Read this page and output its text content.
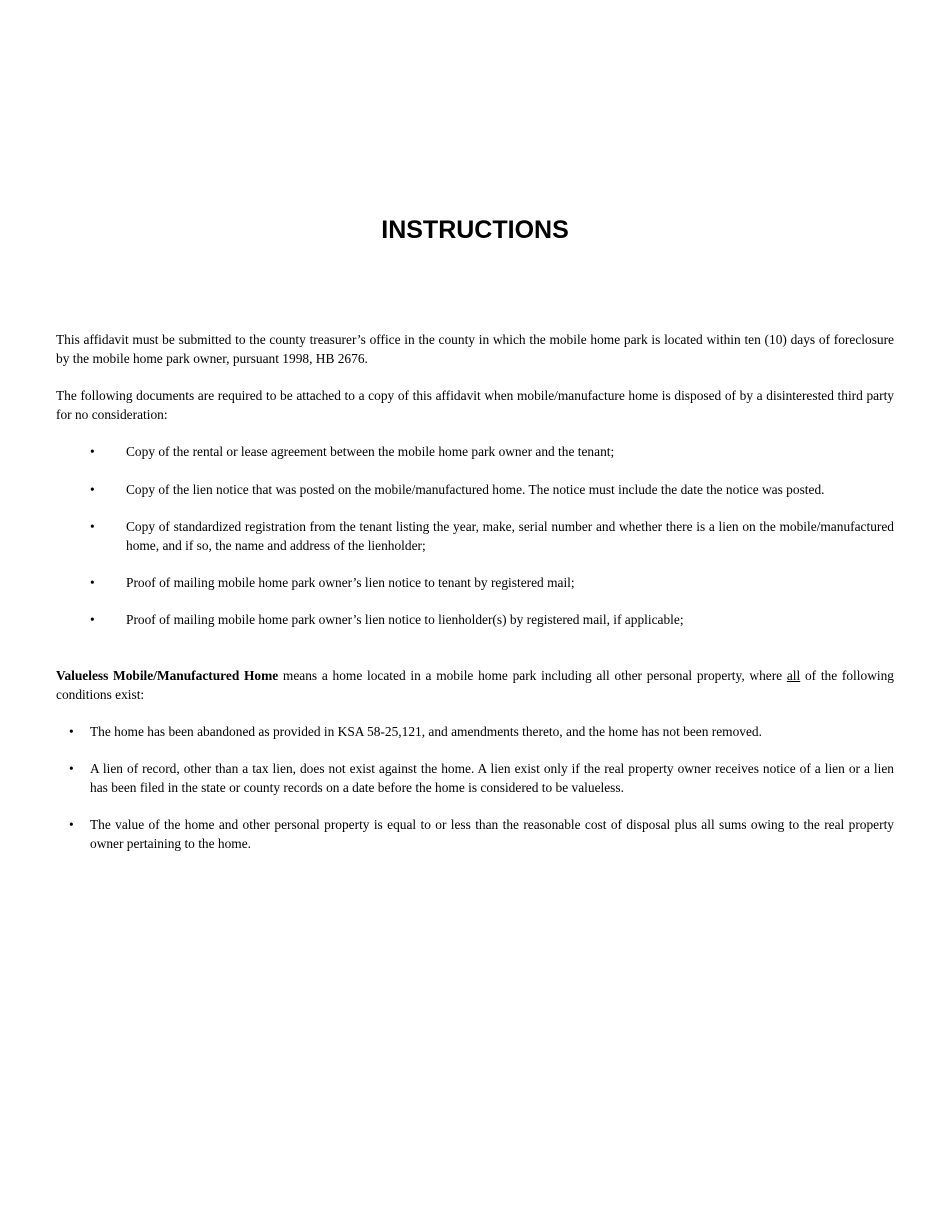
INSTRUCTIONS

This affidavit must be submitted to the county treasurer’s office in the county in which the mobile home park is located within ten (10) days of foreclosure by the mobile home park owner, pursuant 1998, HB 2676.

The following documents are required to be attached to a copy of this affidavit when mobile/manufacture home is disposed of by a disinterested third party for no consideration:

•	Copy of the rental or lease agreement between the mobile home park owner and the tenant;
•	Copy of the lien notice that was posted on the mobile/manufactured home. The notice must include the date the notice was posted.
•	Copy of standardized registration from the tenant listing the year, make, serial number and whether there is a lien on the mobile/manufactured home, and if so, the name and address of the lienholder;
•	Proof of mailing mobile home park owner’s lien notice to tenant by registered mail;
•	Proof of mailing mobile home park owner’s lien notice to lienholder(s) by registered mail, if applicable;

Valueless Mobile/Manufactured Home means a home located in a mobile home park including all other personal property, where all of the following conditions exist:

•	The home has been abandoned as provided in KSA 58-25,121, and amendments thereto, and the home has not been removed.
•	A lien of record, other than a tax lien, does not exist against the home. A lien exist only if the real property owner receives notice of a lien or a lien has been filed in the state or county records on a date before the home is considered to be valueless.
•	The value of the home and other personal property is equal to or less than the reasonable cost of disposal plus all sums owing to the real property owner pertaining to the home.
